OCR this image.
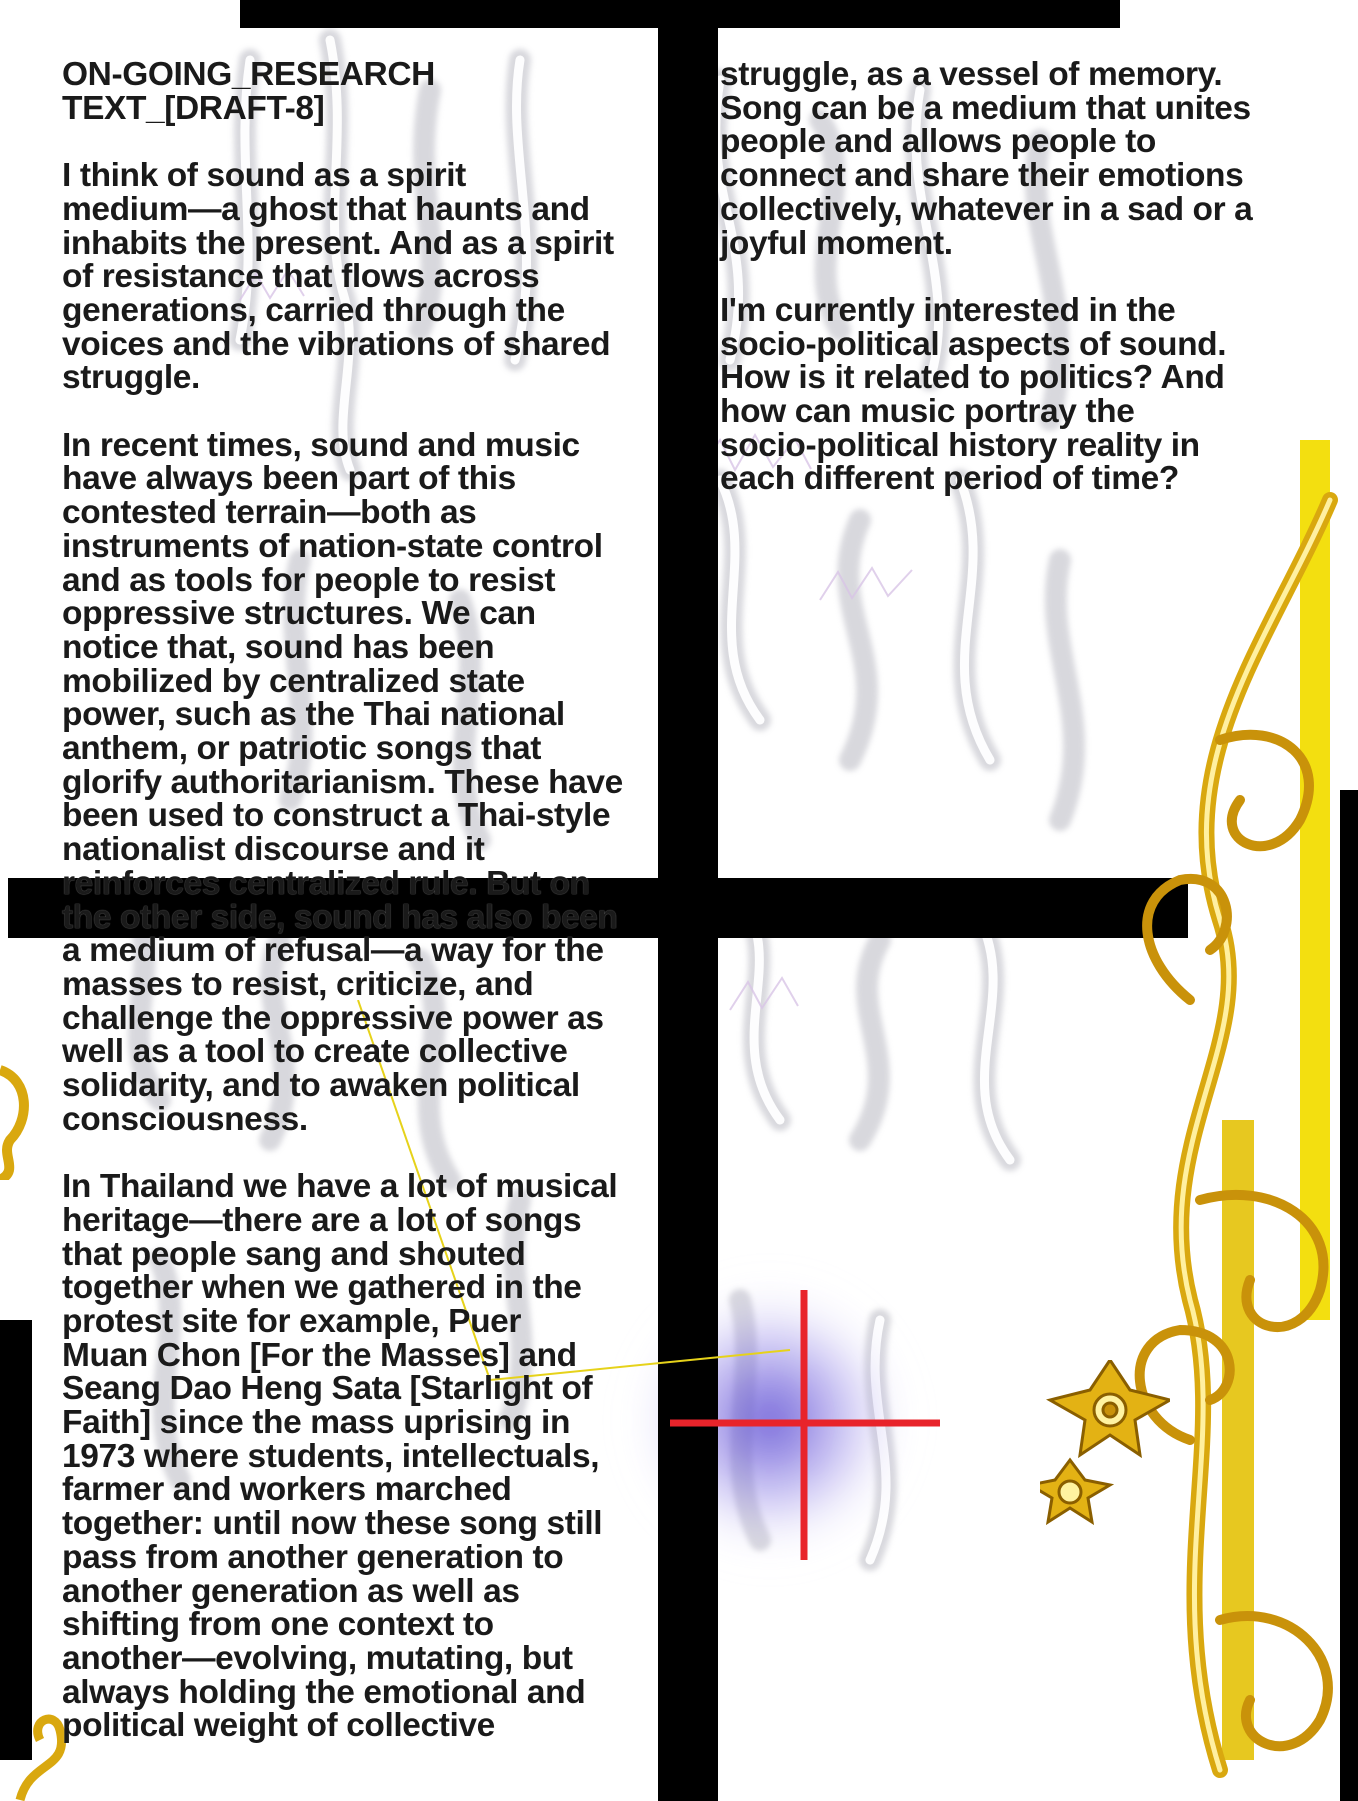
ON-GOING_RESEARCH
TEXT_[DRAFT-8]

I think of sound as a spirit
medium—a ghost that haunts and
inhabits the present. And as a spirit
of resistance that flows across
generations, carried through the
voices and the vibrations of shared
struggle.

In recent times, sound and music
have always been part of this
contested terrain—both as
instruments of nation-state control
and as tools for people to resist
oppressive structures. We can
notice that, sound has been
mobilized by centralized state
power, such as the Thai national
anthem, or patriotic songs that
glorify authoritarianism. These have
been used to construct a Thai-style
nationalist discourse and it
reinforces centralized rule. But on
the other side, sound has also been
a medium of refusal—a way for the
masses to resist, criticize, and
challenge the oppressive power as
well as a tool to create collective
solidarity, and to awaken political
consciousness.

In Thailand we have a lot of musical
heritage—there are a lot of songs
that people sang and shouted
together when we gathered in the
protest site for example, Puer
Muan Chon [For the Masses] and
Seang Dao Heng Sata [Starlight of
Faith] since the mass uprising in
1973 where students, intellectuals,
farmer and workers marched
together: until now these song still
pass from another generation to
another generation as well as
shifting from one context to
another—evolving, mutating, but
always holding the emotional and
political weight of collective

struggle, as a vessel of memory.
Song can be a medium that unites
people and allows people to
connect and share their emotions
collectively, whatever in a sad or a
joyful moment.

I'm currently interested in the
socio-political aspects of sound.
How is it related to politics? And
how can music portray the
socio-political history reality in
each different period of time?
